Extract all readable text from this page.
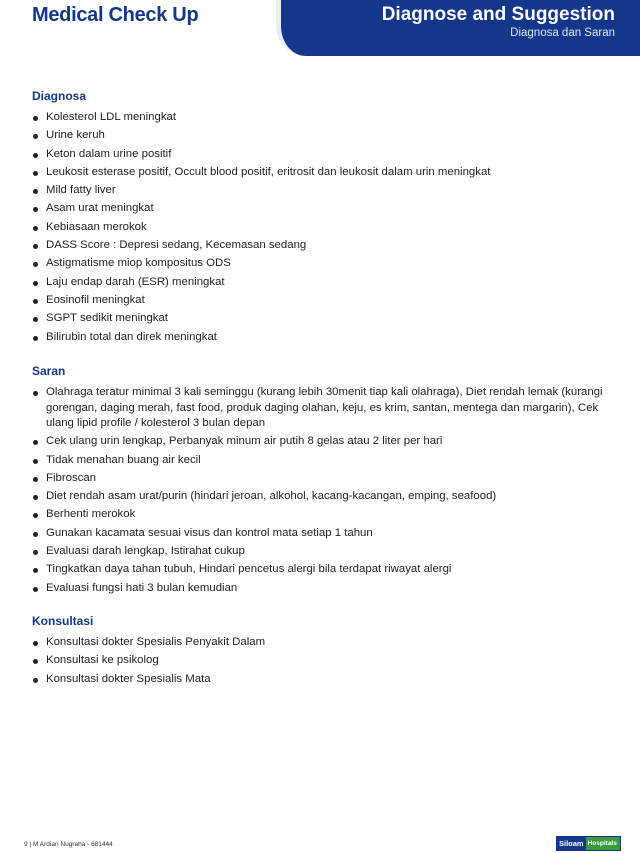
Medical Check Up	Diagnose and Suggestion
Diagnosa dan Saran
Diagnosa
Kolesterol LDL meningkat
Urine keruh
Keton dalam urine positif
Leukosit esterase positif, Occult blood positif, eritrosit dan leukosit dalam urin meningkat
Mild fatty liver
Asam urat meningkat
Kebiasaan merokok
DASS Score : Depresi sedang, Kecemasan sedang
Astigmatisme miop kompositus ODS
Laju endap darah (ESR) meningkat
Eosinofil meningkat
SGPT sedikit meningkat
Bilirubin total dan direk meningkat
Saran
Olahraga teratur minimal 3 kali seminggu (kurang lebih 30menit tiap kali olahraga), Diet rendah lemak (kurangi gorengan, daging merah, fast food, produk daging olahan, keju, es krim, santan, mentega dan margarin), Cek ulang lipid profile / kolesterol 3 bulan depan
Cek ulang urin lengkap, Perbanyak minum air putih 8 gelas atau 2 liter per hari
Tidak menahan buang air kecil
Fibroscan
Diet rendah asam urat/purin (hindari jeroan, alkohol, kacang-kacangan, emping, seafood)
Berhenti merokok
Gunakan kacamata sesuai visus dan kontrol mata setiap 1 tahun
Evaluasi darah lengkap, Istirahat cukup
Tingkatkan daya tahan tubuh, Hindari pencetus alergi bila terdapat riwayat alergi
Evaluasi fungsi hati 3 bulan kemudian
Konsultasi
Konsultasi dokter Spesialis Penyakit Dalam
Konsultasi ke psikolog
Konsultasi dokter Spesialis Mata
9 | M Ardian Nugraha - 681444	Siloam Hospitals
